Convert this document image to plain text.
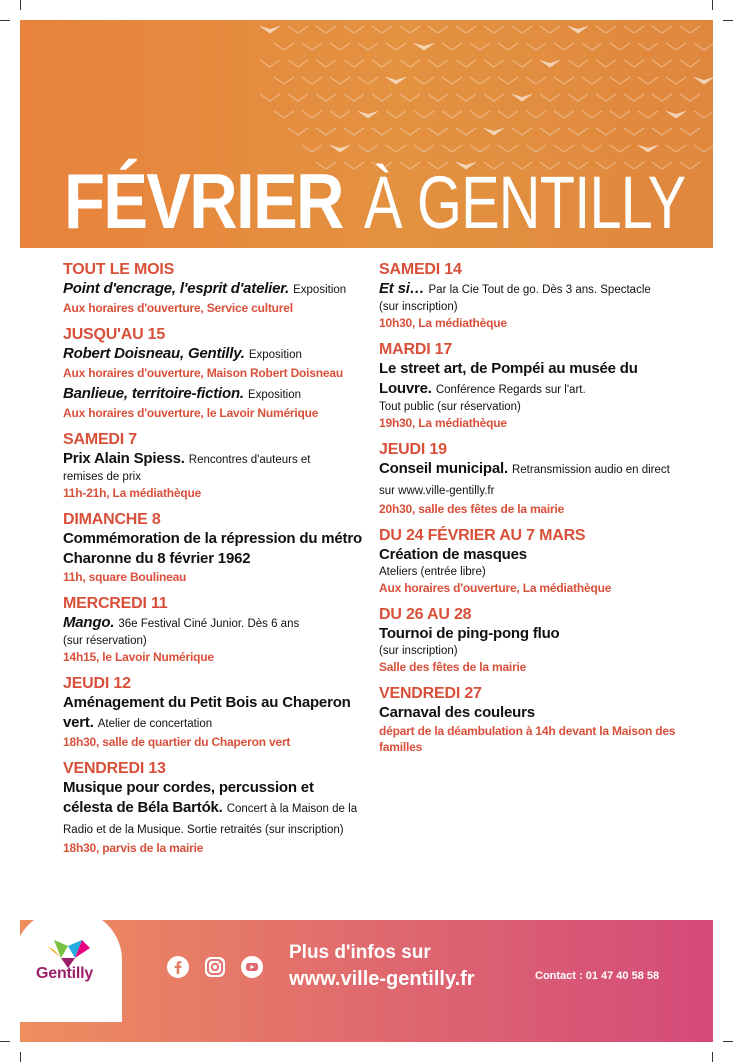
FÉVRIER À GENTILLY
TOUT LE MOIS
Point d'encrage, l'esprit d'atelier. Exposition
Aux horaires d'ouverture, Service culturel
JUSQU'AU 15
Robert Doisneau, Gentilly. Exposition
Aux horaires d'ouverture, Maison Robert Doisneau
Banlieue, territoire-fiction. Exposition
Aux horaires d'ouverture, le Lavoir Numérique
SAMEDI 7
Prix Alain Spiess. Rencontres d'auteurs et
remises de prix
11h-21h, La médiathèque
DIMANCHE 8
Commémoration de la répression du métro Charonne du 8 février 1962
11h, square Boulineau
MERCREDI 11
Mango. 36e Festival Ciné Junior. Dès 6 ans
(sur réservation)
14h15, le Lavoir Numérique
JEUDI 12
Aménagement du Petit Bois au Chaperon vert. Atelier de concertation
18h30, salle de quartier du Chaperon vert
VENDREDI 13
Musique pour cordes, percussion et célesta de Béla Bartók. Concert à la Maison de la Radio et de la Musique. Sortie retraités (sur inscription)
18h30, parvis de la mairie
SAMEDI 14
Et si… Par la Cie Tout de go. Dès 3 ans. Spectacle
(sur inscription)
10h30, La médiathèque
MARDI 17
Le street art, de Pompéi au musée du Louvre. Conférence Regards sur l'art.
Tout public (sur réservation)
19h30, La médiathèque
JEUDI 19
Conseil municipal. Retransmission audio en direct sur www.ville-gentilly.fr
20h30, salle des fêtes de la mairie
DU 24 FÉVRIER AU 7 MARS
Création de masques
Ateliers (entrée libre)
Aux horaires d'ouverture, La médiathèque
DU 26 AU 28
Tournoi de ping-pong fluo
(sur inscription)
Salle des fêtes de la mairie
VENDREDI 27
Carnaval des couleurs
départ de la déambulation à 14h devant la Maison des familles
Gentilly
Plus d'infos sur
www.ville-gentilly.fr	Contact : 01 47 40 58 58
